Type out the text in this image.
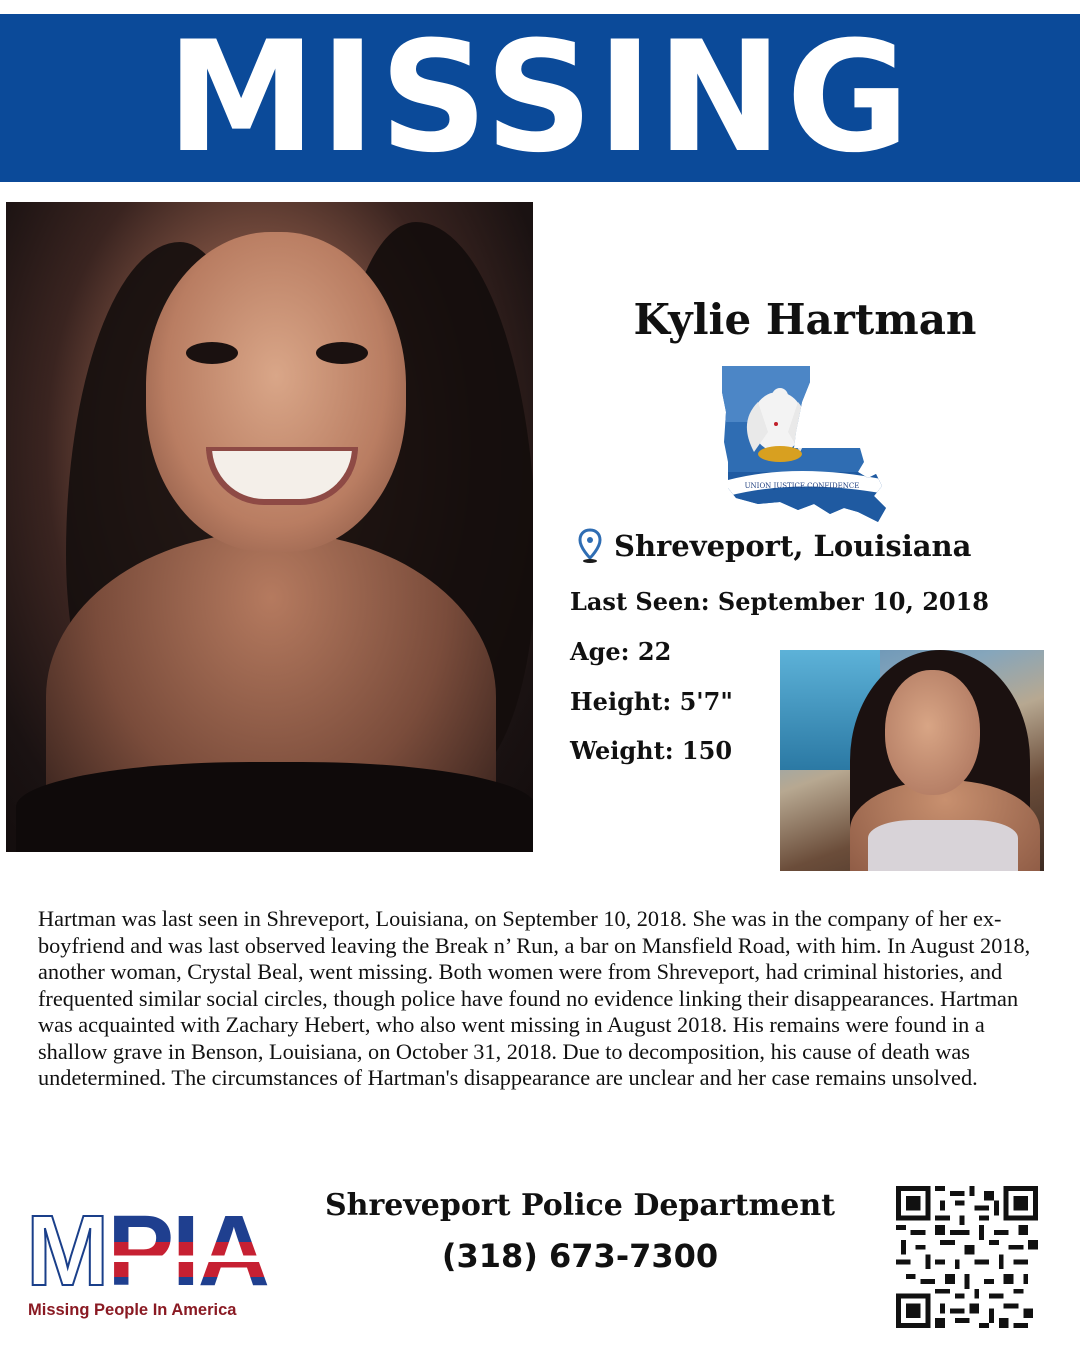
MISSING
Kylie Hartman
UNION JUSTICE CONFIDENCE
Shreveport, Louisiana
Last Seen: September 10, 2018
Age: 22
Height: 5'7"
Weight: 150
Hartman was last seen in Shreveport, Louisiana, on September 10, 2018. She was in the company of her ex-boyfriend and was last observed leaving the Break n’ Run, a bar on Mansfield Road, with him. In August 2018, another woman, Crystal Beal, went missing. Both women were from Shreveport, had criminal histories, and frequented similar social circles, though police have found no evidence linking their disappearances. Hartman was acquainted with Zachary Hebert, who also went missing in August 2018. His remains were found in a shallow grave in Benson, Louisiana, on October 31, 2018. Due to decomposition, his cause of death was undetermined. The circumstances of Hartman's disappearance are unclear and her case remains unsolved.
M PIA
Missing People In America
Shreveport Police Department
(318) 673-7300
